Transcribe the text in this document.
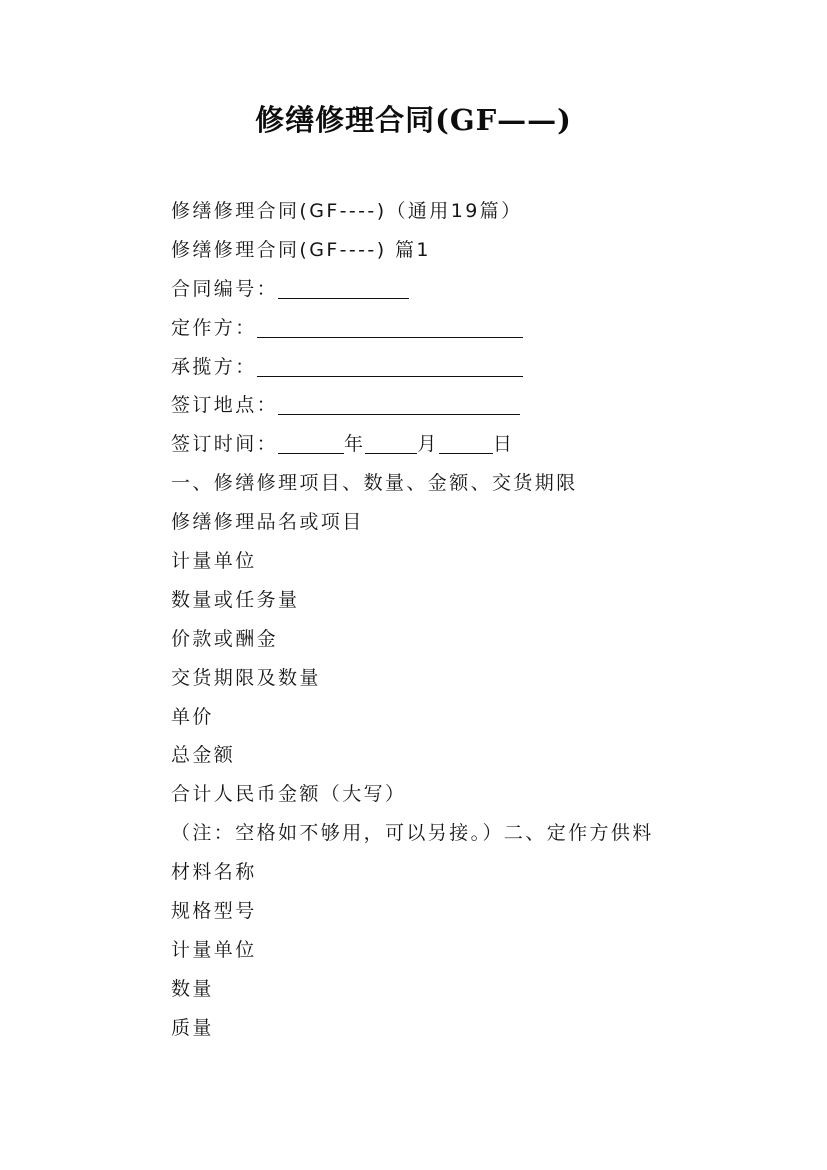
修缮修理合同(GF——)
修缮修理合同(GF----)（通用19篇）
修缮修理合同(GF----) 篇1
合同编号：
定作方：
承揽方：
签订地点：
签订时间：	年	月	日
一、修缮修理项目、数量、金额、交货期限
修缮修理品名或项目
计量单位
数量或任务量
价款或酬金
交货期限及数量
单价
总金额
合计人民币金额（大写）
（注：空格如不够用，可以另接。）二、定作方供料
材料名称
规格型号
计量单位
数量
质量
